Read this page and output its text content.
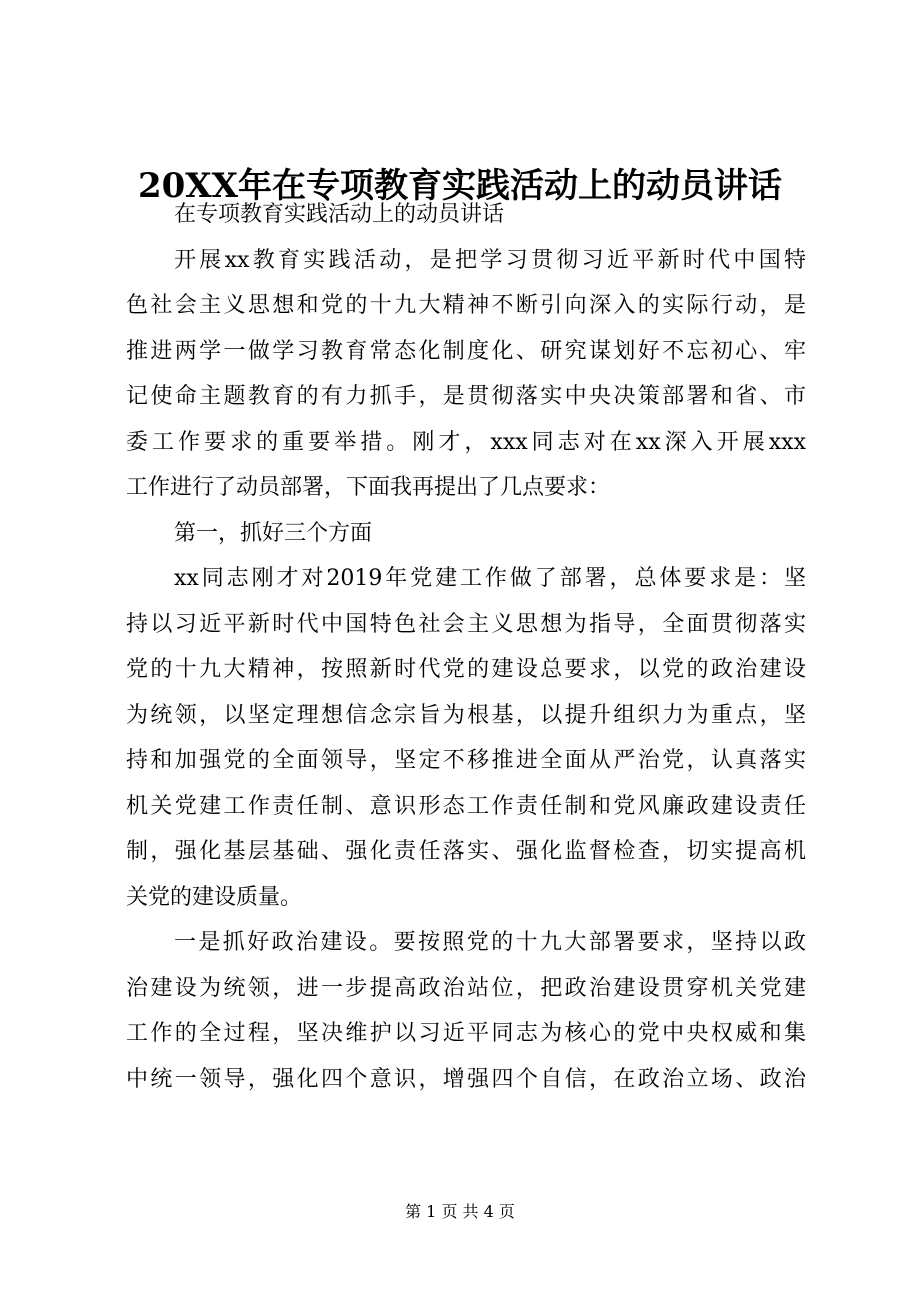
20XX年在专项教育实践活动上的动员讲话
在专项教育实践活动上的动员讲话
开展xx教育实践活动，是把学习贯彻习近平新时代中国特
色社会主义思想和党的十九大精神不断引向深入的实际行动，是
推进两学一做学习教育常态化制度化、研究谋划好不忘初心、牢
记使命主题教育的有力抓手，是贯彻落实中央决策部署和省、市
委工作要求的重要举措。刚才，xxx同志对在xx深入开展xxx
工作进行了动员部署，下面我再提出了几点要求：
第一，抓好三个方面
xx同志刚才对2019年党建工作做了部署，总体要求是：坚
持以习近平新时代中国特色社会主义思想为指导，全面贯彻落实
党的十九大精神，按照新时代党的建设总要求，以党的政治建设
为统领，以坚定理想信念宗旨为根基，以提升组织力为重点，坚
持和加强党的全面领导，坚定不移推进全面从严治党，认真落实
机关党建工作责任制、意识形态工作责任制和党风廉政建设责任
制，强化基层基础、强化责任落实、强化监督检查，切实提高机
关党的建设质量。
一是抓好政治建设。要按照党的十九大部署要求，坚持以政
治建设为统领，进一步提高政治站位，把政治建设贯穿机关党建
工作的全过程，坚决维护以习近平同志为核心的党中央权威和集
中统一领导，强化四个意识，增强四个自信，在政治立场、政治
第 1 页 共 4 页
